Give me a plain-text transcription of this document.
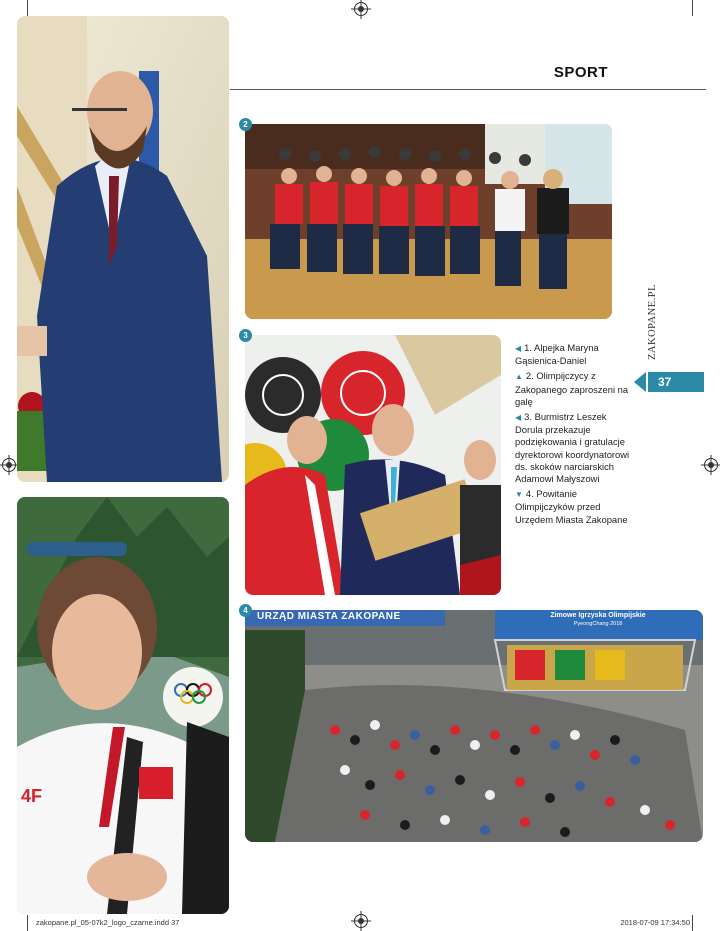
4F
SPORT
2
3
◀ 1. Alpejka Maryna Gąsienica-Daniel
▲ 2. Olimpijczycy z Zakopanego zaproszeni na galę
◀ 3. Burmistrz Leszek Dorula przekazuje podziękowania i gratulacje dyrektorowi koordynatorowi ds. skoków narciarskich Adamowi Małyszowi
▼ 4. Powitanie Olimpijczyków przed Urzędem Miasta Zakopane
ZAKOPANE.PL
37
URZĄD MIASTA ZAKOPANE	Zimowe Igrzyska Olimpijskie
PyeongChang 2018
4
zakopane.pl_05-07k2_logo_czarne.indd 37	2018-07-09 17:34:50
